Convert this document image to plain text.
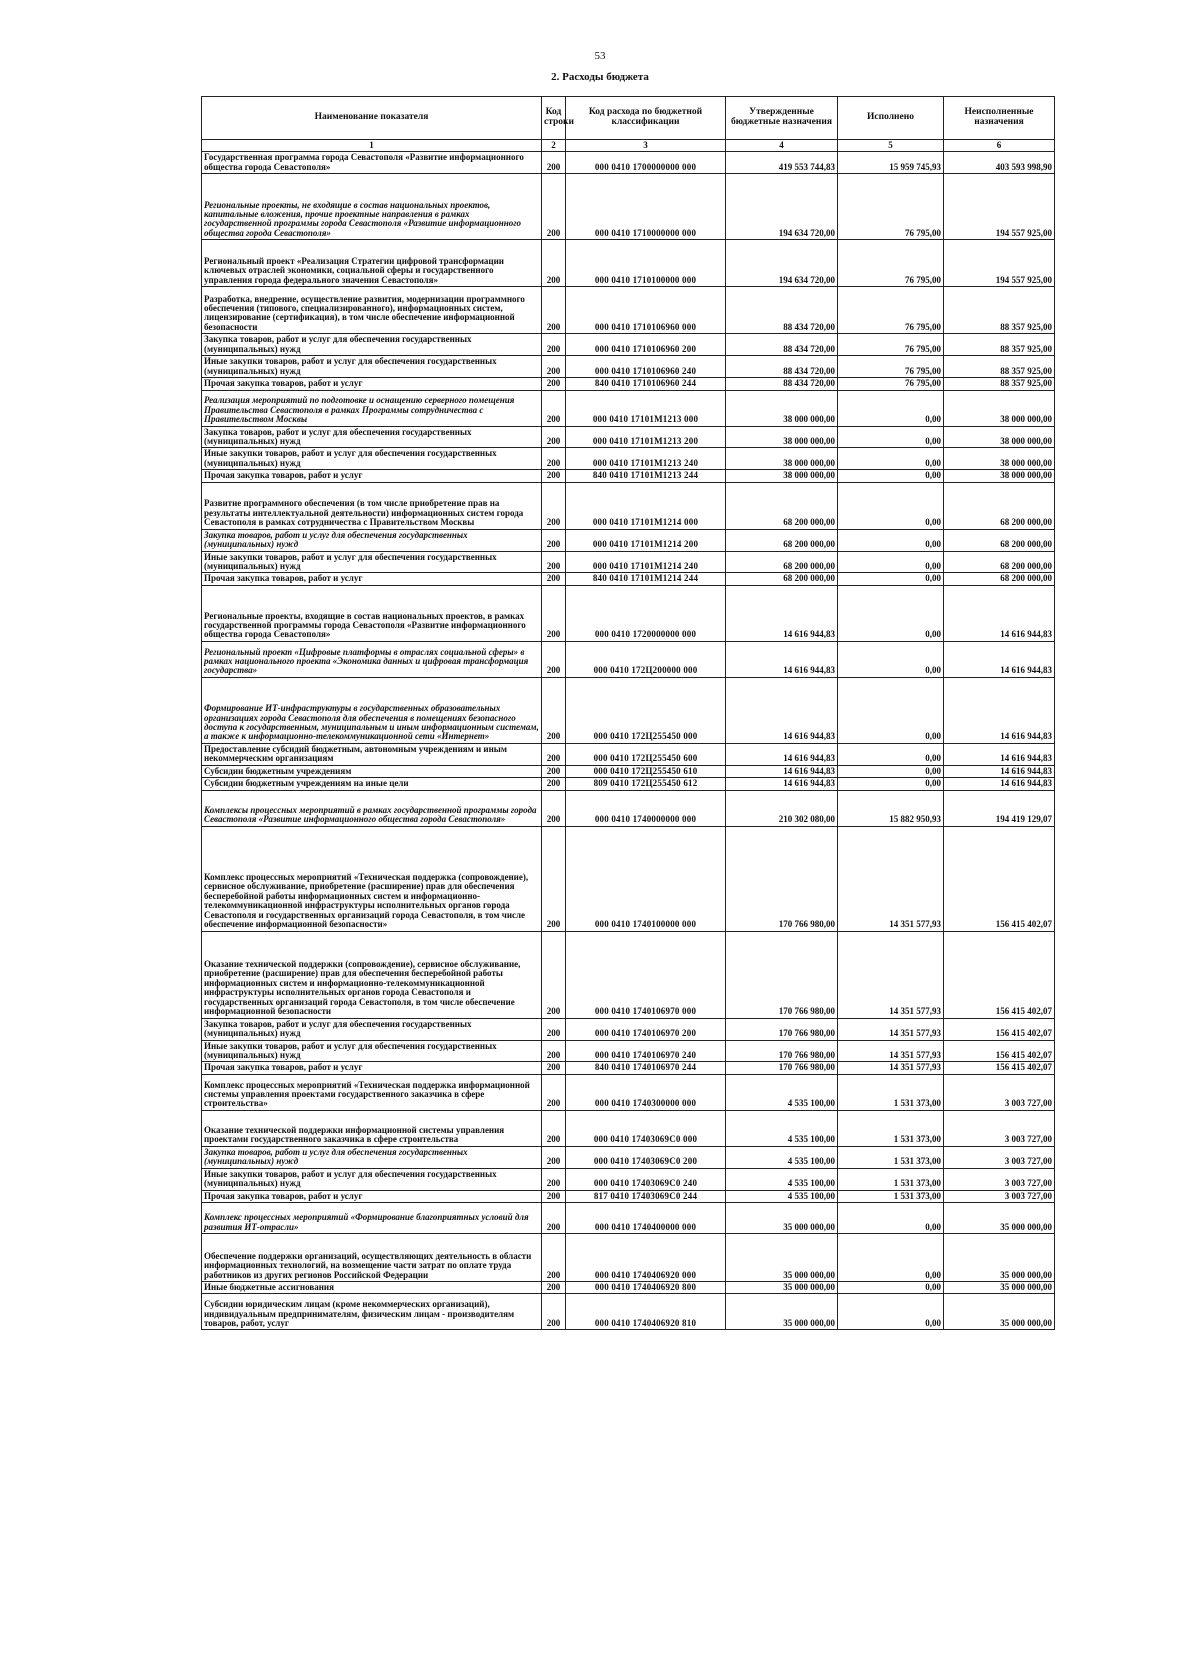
53
2. Расходы бюджета
Наименование показателя	Код строки	Код расхода по бюджетной классификации	Утвержденные бюджетные назначения	Исполнено	Неисполненные назначения
1	2	3	4	5	6
Государственная программа города Севастополя «Развитие информационного общества города Севастополя»	200	000 0410 1700000000 000	419 553 744,83	15 959 745,93	403 593 998,90
Региональные проекты, не входящие в состав национальных проектов, капитальные вложения, прочие проектные направления в рамках государственной программы города Севастополя «Развитие информационного общества города Севастополя»	200	000 0410 1710000000 000	194 634 720,00	76 795,00	194 557 925,00
Региональный проект «Реализация Стратегии цифровой трансформации ключевых отраслей экономики, социальной сферы и государственного управления города федерального значения Севастополя»	200	000 0410 1710100000 000	194 634 720,00	76 795,00	194 557 925,00
Разработка, внедрение, осуществление развития, модернизации программного обеспечения (типового, специализированного), информационных систем, лицензирование (сертификация), в том числе обеспечение информационной безопасности	200	000 0410 1710106960 000	88 434 720,00	76 795,00	88 357 925,00
Закупка товаров, работ и услуг для обеспечения государственных (муниципальных) нужд	200	000 0410 1710106960 200	88 434 720,00	76 795,00	88 357 925,00
Иные закупки товаров, работ и услуг для обеспечения государственных (муниципальных) нужд	200	000 0410 1710106960 240	88 434 720,00	76 795,00	88 357 925,00
Прочая закупка товаров, работ и услуг	200	840 0410 1710106960 244	88 434 720,00	76 795,00	88 357 925,00
Реализация мероприятий по подготовке и оснащению серверного помещения Правительства Севастополя в рамках Программы сотрудничества с Правительством Москвы	200	000 0410 17101M1213 000	38 000 000,00	0,00	38 000 000,00
Закупка товаров, работ и услуг для обеспечения государственных (муниципальных) нужд	200	000 0410 17101M1213 200	38 000 000,00	0,00	38 000 000,00
Иные закупки товаров, работ и услуг для обеспечения государственных (муниципальных) нужд	200	000 0410 17101M1213 240	38 000 000,00	0,00	38 000 000,00
Прочая закупка товаров, работ и услуг	200	840 0410 17101M1213 244	38 000 000,00	0,00	38 000 000,00
Развитие программного обеспечения (в том числе приобретение прав на результаты интеллектуальной деятельности) информационных систем города Севастополя в рамках сотрудничества с Правительством Москвы	200	000 0410 17101M1214 000	68 200 000,00	0,00	68 200 000,00
Закупка товаров, работ и услуг для обеспечения государственных (муниципальных) нужд	200	000 0410 17101M1214 200	68 200 000,00	0,00	68 200 000,00
Иные закупки товаров, работ и услуг для обеспечения государственных (муниципальных) нужд	200	000 0410 17101M1214 240	68 200 000,00	0,00	68 200 000,00
Прочая закупка товаров, работ и услуг	200	840 0410 17101M1214 244	68 200 000,00	0,00	68 200 000,00
Региональные проекты, входящие в состав национальных проектов, в рамках государственной программы города Севастополя «Развитие информационного общества города Севастополя»	200	000 0410 1720000000 000	14 616 944,83	0,00	14 616 944,83
Региональный проект «Цифровые платформы в отраслях социальной сферы» в рамках национального проекта «Экономика данных и цифровая трансформация государства»	200	000 0410 172Ц200000 000	14 616 944,83	0,00	14 616 944,83
Формирование ИТ-инфраструктуры в государственных образовательных организациях города Севастополя для обеспечения в помещениях безопасного доступа к государственным, муниципальным и иным информационным системам, а также к информационно-телекоммуникационной сети «Интернет»	200	000 0410 172Ц255450 000	14 616 944,83	0,00	14 616 944,83
Предоставление субсидий бюджетным, автономным учреждениям и иным некоммерческим организациям	200	000 0410 172Ц255450 600	14 616 944,83	0,00	14 616 944,83
Субсидии бюджетным учреждениям	200	000 0410 172Ц255450 610	14 616 944,83	0,00	14 616 944,83
Субсидии бюджетным учреждениям на иные цели	200	809 0410 172Ц255450 612	14 616 944,83	0,00	14 616 944,83
Комплексы процессных мероприятий в рамках государственной программы города Севастополя «Развитие информационного общества города Севастополя»	200	000 0410 1740000000 000	210 302 080,00	15 882 950,93	194 419 129,07
Комплекс процессных мероприятий «Техническая поддержка (сопровождение), сервисное обслуживание, приобретение (расширение) прав для обеспечения бесперебойной работы информационных систем и информационно-телекоммуникационной инфраструктуры исполнительных органов города Севастополя и государственных организаций города Севастополя, в том числе обеспечение информационной безопасности»	200	000 0410 1740100000 000	170 766 980,00	14 351 577,93	156 415 402,07
Оказание технической поддержки (сопровождение), сервисное обслуживание, приобретение (расширение) прав для обеспечения бесперебойной работы информационных систем и информационно-телекоммуникационной инфраструктуры исполнительных органов города Севастополя и государственных организаций города Севастополя, в том числе обеспечение информационной безопасности	200	000 0410 1740106970 000	170 766 980,00	14 351 577,93	156 415 402,07
Закупка товаров, работ и услуг для обеспечения государственных (муниципальных) нужд	200	000 0410 1740106970 200	170 766 980,00	14 351 577,93	156 415 402,07
Иные закупки товаров, работ и услуг для обеспечения государственных (муниципальных) нужд	200	000 0410 1740106970 240	170 766 980,00	14 351 577,93	156 415 402,07
Прочая закупка товаров, работ и услуг	200	840 0410 1740106970 244	170 766 980,00	14 351 577,93	156 415 402,07
Комплекс процессных мероприятий «Техническая поддержка информационной системы управления проектами государственного заказчика в сфере строительства»	200	000 0410 1740300000 000	4 535 100,00	1 531 373,00	3 003 727,00
Оказание технической поддержки информационной системы управления проектами государственного заказчика в сфере строительства	200	000 0410 17403069C0 000	4 535 100,00	1 531 373,00	3 003 727,00
Закупка товаров, работ и услуг для обеспечения государственных (муниципальных) нужд	200	000 0410 17403069C0 200	4 535 100,00	1 531 373,00	3 003 727,00
Иные закупки товаров, работ и услуг для обеспечения государственных (муниципальных) нужд	200	000 0410 17403069C0 240	4 535 100,00	1 531 373,00	3 003 727,00
Прочая закупка товаров, работ и услуг	200	817 0410 17403069C0 244	4 535 100,00	1 531 373,00	3 003 727,00
Комплекс процессных мероприятий «Формирование благоприятных условий для развития ИТ-отрасли»	200	000 0410 1740400000 000	35 000 000,00	0,00	35 000 000,00
Обеспечение поддержки организаций, осуществляющих деятельность в области информационных технологий, на возмещение части затрат по оплате труда работников из других регионов Российской Федерации	200	000 0410 1740406920 000	35 000 000,00	0,00	35 000 000,00
Иные бюджетные ассигнования	200	000 0410 1740406920 800	35 000 000,00	0,00	35 000 000,00
Субсидии юридическим лицам (кроме некоммерческих организаций), индивидуальным предпринимателям, физическим лицам - производителям товаров, работ, услуг	200	000 0410 1740406920 810	35 000 000,00	0,00	35 000 000,00
